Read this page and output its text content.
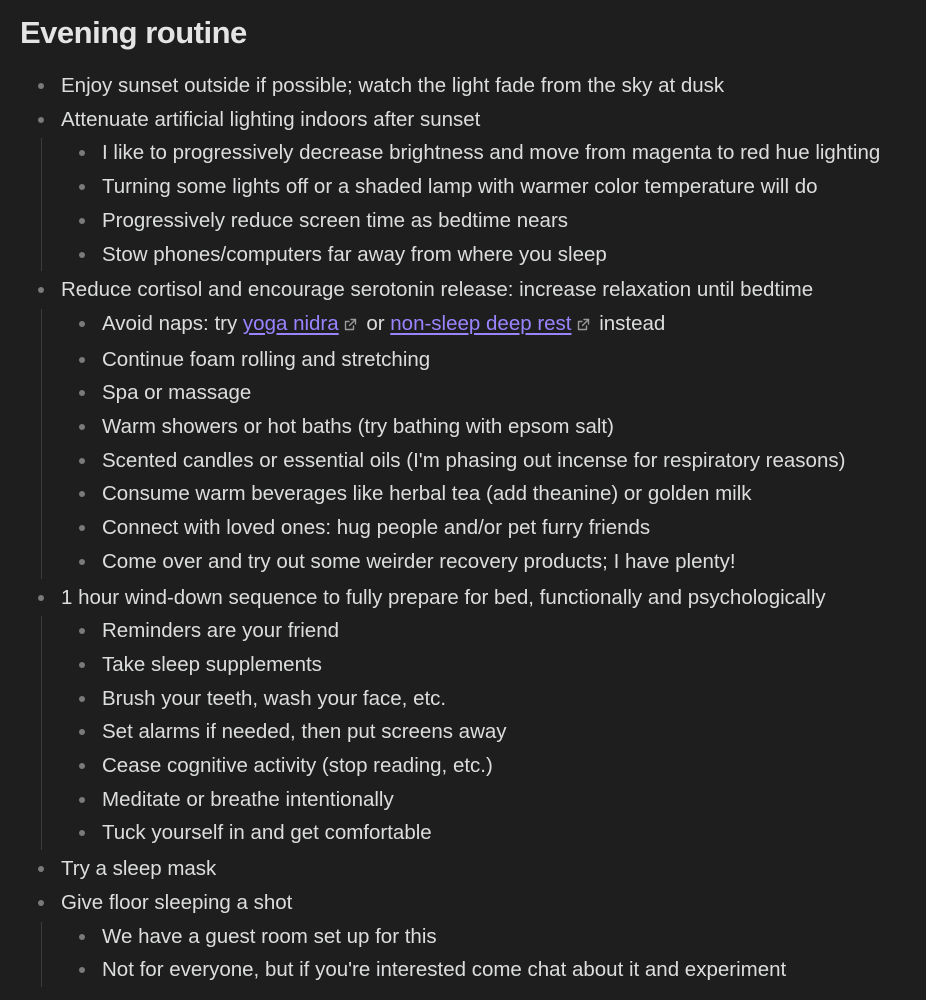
Evening routine
Enjoy sunset outside if possible; watch the light fade from the sky at dusk
Attenuate artificial lighting indoors after sunset
I like to progressively decrease brightness and move from magenta to red hue lighting
Turning some lights off or a shaded lamp with warmer color temperature will do
Progressively reduce screen time as bedtime nears
Stow phones/computers far away from where you sleep
Reduce cortisol and encourage serotonin release: increase relaxation until bedtime
Avoid naps: try yoga nidra or non-sleep deep rest instead
Continue foam rolling and stretching
Spa or massage
Warm showers or hot baths (try bathing with epsom salt)
Scented candles or essential oils (I'm phasing out incense for respiratory reasons)
Consume warm beverages like herbal tea (add theanine) or golden milk
Connect with loved ones: hug people and/or pet furry friends
Come over and try out some weirder recovery products; I have plenty!
1 hour wind-down sequence to fully prepare for bed, functionally and psychologically
Reminders are your friend
Take sleep supplements
Brush your teeth, wash your face, etc.
Set alarms if needed, then put screens away
Cease cognitive activity (stop reading, etc.)
Meditate or breathe intentionally
Tuck yourself in and get comfortable
Try a sleep mask
Give floor sleeping a shot
We have a guest room set up for this
Not for everyone, but if you're interested come chat about it and experiment
